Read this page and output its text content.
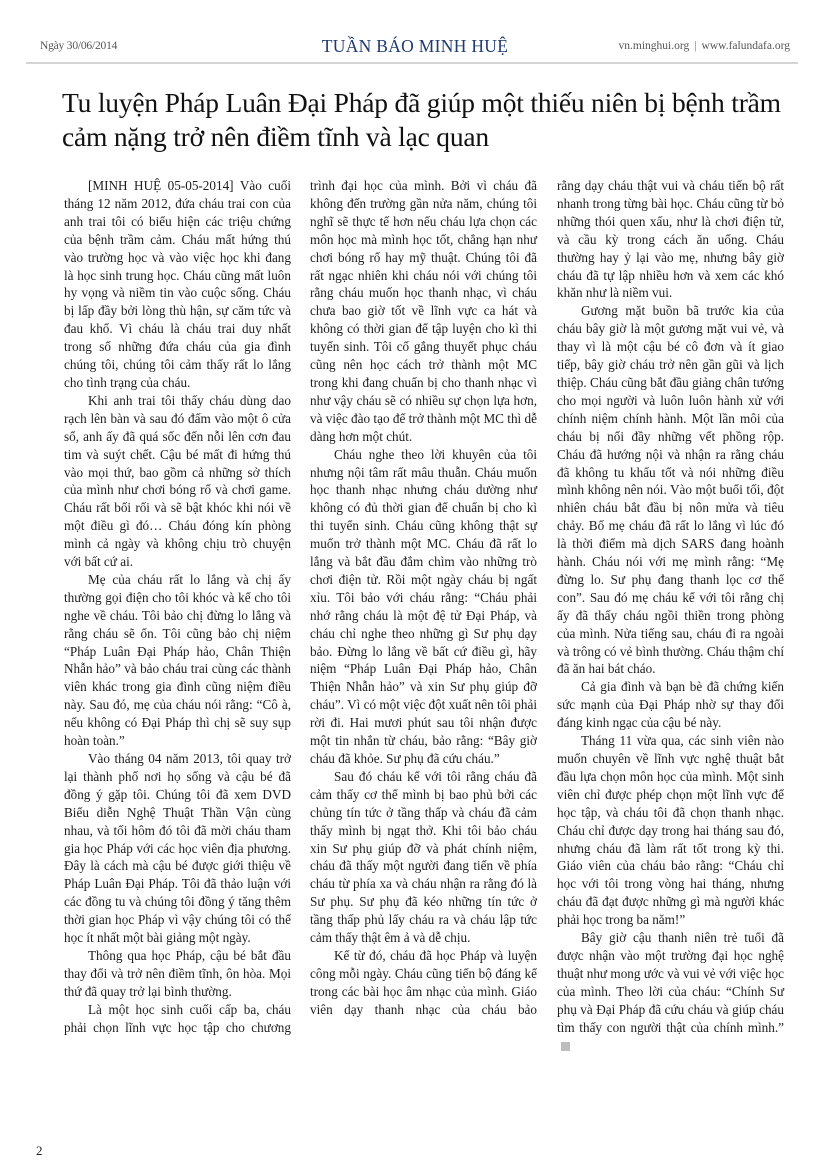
Ngày 30/06/2014	TUẦN BÁO MINH HUỆ	vn.minghui.org | www.falundafa.org
Tu luyện Pháp Luân Đại Pháp đã giúp một thiếu niên bị bệnh trầm cảm nặng trở nên điềm tĩnh và lạc quan

[MINH HUỆ 05-05-2014] Vào cuối tháng 12 năm 2012, đứa cháu trai con của anh trai tôi có biểu hiện các triệu chứng của bệnh trầm cảm. Cháu mất hứng thú vào trường học và vào việc học khi đang là học sinh trung học. Cháu cũng mất luôn hy vọng và niềm tin vào cuộc sống. Cháu bị lấp đầy bởi lòng thù hận, sự căm tức và đau khổ. Vì cháu là cháu trai duy nhất trong số những đứa cháu của gia đình chúng tôi, chúng tôi cảm thấy rất lo lắng cho tình trạng của cháu.

Khi anh trai tôi thấy cháu dùng dao rạch lên bàn và sau đó đấm vào một ô cửa sổ, anh ấy đã quá sốc đến nỗi lên cơn đau tim và suýt chết. Cậu bé mất đi hứng thú vào mọi thứ, bao gồm cả những sở thích của mình như chơi bóng rổ và chơi game. Cháu rất bối rối và sẽ bật khóc khi nói về một điều gì đó… Cháu đóng kín phòng mình cả ngày và không chịu trò chuyện với bất cứ ai.

Mẹ của cháu rất lo lắng và chị ấy thường gọi điện cho tôi khóc và kể cho tôi nghe về cháu. Tôi bảo chị đừng lo lắng và rằng cháu sẽ ổn. Tôi cũng bảo chị niệm “Pháp Luân Đại Pháp hảo, Chân Thiện Nhẫn hảo” và bảo cháu trai cùng các thành viên khác trong gia đình cũng niệm điều này. Sau đó, mẹ của cháu nói rằng: “Cô à, nếu không có Đại Pháp thì chị sẽ suy sụp hoàn toàn.”

Vào tháng 04 năm 2013, tôi quay trở lại thành phố nơi họ sống và cậu bé đã đồng ý gặp tôi. Chúng tôi đã xem DVD Biểu diễn Nghệ Thuật Thần Vận cùng nhau, và tối hôm đó tôi đã mời cháu tham gia học Pháp với các học viên địa phương. Đây là cách mà cậu bé được giới thiệu về Pháp Luân Đại Pháp. Tôi đã thảo luận với các đồng tu và chúng tôi đồng ý tăng thêm thời gian học Pháp vì vậy chúng tôi có thể học ít nhất một bài giảng một ngày.

Thông qua học Pháp, cậu bé bắt đầu thay đổi và trở nên điềm tĩnh, ôn hòa. Mọi thứ đã quay trở lại bình thường.

Là một học sinh cuối cấp ba, cháu phải chọn lĩnh vực học tập cho chương

trình đại học của mình. Bởi vì cháu đã không đến trường gần nửa năm, chúng tôi nghĩ sẽ thực tế hơn nếu cháu lựa chọn các môn học mà mình học tốt, chẳng hạn như chơi bóng rổ hay mỹ thuật. Chúng tôi đã rất ngạc nhiên khi cháu nói với chúng tôi rằng cháu muốn học thanh nhạc, vì cháu chưa bao giờ tốt về lĩnh vực ca hát và không có thời gian để tập luyện cho kì thi tuyển sinh. Tôi cố gắng thuyết phục cháu cũng nên học cách trở thành một MC trong khi đang chuẩn bị cho thanh nhạc vì như vậy cháu sẽ có nhiều sự chọn lựa hơn, và việc đào tạo để trở thành một MC thì dễ dàng hơn một chút.

Cháu nghe theo lời khuyên của tôi nhưng nội tâm rất mâu thuẫn. Cháu muốn học thanh nhạc nhưng cháu dường như không có đủ thời gian để chuẩn bị cho kì thi tuyển sinh. Cháu cũng không thật sự muốn trở thành một MC. Cháu đã rất lo lắng và bắt đầu đắm chìm vào những trò chơi điện tử. Rồi một ngày cháu bị ngất xỉu. Tôi bảo với cháu rằng: “Cháu phải nhớ rằng cháu là một đệ tử Đại Pháp, và cháu chỉ nghe theo những gì Sư phụ dạy bảo. Đừng lo lắng về bất cứ điều gì, hãy niệm “Pháp Luân Đại Pháp hảo, Chân Thiện Nhẫn hảo” và xin Sư phụ giúp đỡ cháu”. Vì có một việc đột xuất nên tôi phải rời đi. Hai mươi phút sau tôi nhận được một tin nhắn từ cháu, bảo rằng: “Bây giờ cháu đã khỏe. Sư phụ đã cứu cháu.”

Sau đó cháu kể với tôi rằng cháu đã cảm thấy cơ thể mình bị bao phủ bởi các chủng tín tức ở tầng thấp và cháu đã cảm thấy mình bị ngạt thở. Khi tôi bảo cháu xin Sư phụ giúp đỡ và phát chính niệm, cháu đã thấy một người đang tiến về phía cháu từ phía xa và cháu nhận ra rằng đó là Sư phụ. Sư phụ đã kéo những tín tức ở tầng thấp phủ lấy cháu ra và cháu lập tức cảm thấy thật êm ả và dễ chịu.

Kể từ đó, cháu đã học Pháp và luyện công mỗi ngày. Cháu cũng tiến bộ đáng kể trong các bài học âm nhạc của mình. Giáo viên dạy thanh nhạc của cháu bảo

rằng dạy cháu thật vui và cháu tiến bộ rất nhanh trong từng bài học. Cháu cũng từ bỏ những thói quen xấu, như là chơi điện tử, và cầu kỳ trong cách ăn uống. Cháu thường hay ỷ lại vào mẹ, nhưng bây giờ cháu đã tự lập nhiều hơn và xem các khó khăn như là niềm vui.

Gương mặt buồn bã trước kia của cháu bây giờ là một gương mặt vui vẻ, và thay vì là một cậu bé cô đơn và ít giao tiếp, bây giờ cháu trở nên gần gũi và lịch thiệp. Cháu cũng bắt đầu giảng chân tướng cho mọi người và luôn luôn hành xử với chính niệm chính hành. Một lần môi của cháu bị nổi đầy những vết phồng rộp. Cháu đã hướng nội và nhận ra rằng cháu đã không tu khẩu tốt và nói những điều mình không nên nói. Vào một buổi tối, đột nhiên cháu bắt đầu bị nôn mửa và tiêu chảy. Bố mẹ cháu đã rất lo lắng vì lúc đó là thời điểm mà dịch SARS đang hoành hành. Cháu nói với mẹ mình rằng: “Mẹ đừng lo. Sư phụ đang thanh lọc cơ thể con”. Sau đó mẹ cháu kể với tôi rằng chị ấy đã thấy cháu ngồi thiền trong phòng của mình. Nửa tiếng sau, cháu đi ra ngoài và trông có vẻ bình thường. Cháu thậm chí đã ăn hai bát cháo.

Cả gia đình và bạn bè đã chứng kiến sức mạnh của Đại Pháp nhờ sự thay đổi đáng kinh ngạc của cậu bé này.

Tháng 11 vừa qua, các sinh viên nào muốn chuyên về lĩnh vực nghệ thuật bắt đầu lựa chọn môn học của mình. Một sinh viên chỉ được phép chọn một lĩnh vực để học tập, và cháu tôi đã chọn thanh nhạc. Cháu chỉ được dạy trong hai tháng sau đó, nhưng cháu đã làm rất tốt trong kỳ thi. Giáo viên của cháu bảo rằng: “Cháu chỉ học với tôi trong vòng hai tháng, nhưng cháu đã đạt được những gì mà người khác phải học trong ba năm!”

Bây giờ cậu thanh niên trẻ tuổi đã được nhận vào một trường đại học nghệ thuật như mong ước và vui vẻ với việc học của mình. Theo lời của cháu: “Chính Sư phụ và Đại Pháp đã cứu cháu và giúp cháu tìm thấy con người thật của chính mình.”

2
